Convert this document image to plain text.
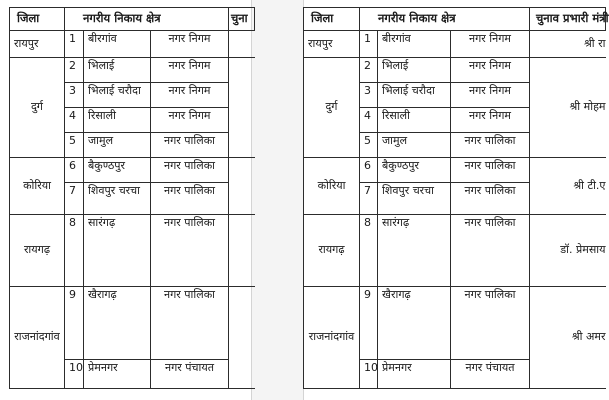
जिला	नगरीय निकाय क्षेत्र			चुना
रायपुर	1	बीरगांव	नगर निगम	
दुर्ग	2	भिलाई	नगर निगम	
	3	भिलाई चरौदा	नगर निगम	
	4	रिसाली	नगर निगम	
	5	जामुल	नगर पालिका	
कोरिया	6	बैकुण्ठपुर	नगर पालिका	
	7	शिवपुर चरचा	नगर पालिका	
रायगढ़	8	सारंगढ़	नगर पालिका	
राजनांदगांव	9	खैरागढ़	नगर पालिका	
	10	प्रेमनगर	नगर पंचायत	
जिला	नगरीय निकाय क्षेत्र			चुनाव प्रभारी मंत्री
रायपुर	1	बीरगांव	नगर निगम	श्री रा
दुर्ग	2	भिलाई	नगर निगम	श्री मोहम
	3	भिलाई चरौदा	नगर निगम	
	4	रिसाली	नगर निगम	
	5	जामुल	नगर पालिका	
कोरिया	6	बैकुण्ठपुर	नगर पालिका	श्री टी.ए
	7	शिवपुर चरचा	नगर पालिका	
रायगढ़	8	सारंगढ़	नगर पालिका	डॉ. प्रेमसाय
राजनांदगांव	9	खैरागढ़	नगर पालिका	श्री अमर
	10	प्रेमनगर	नगर पंचायत	
